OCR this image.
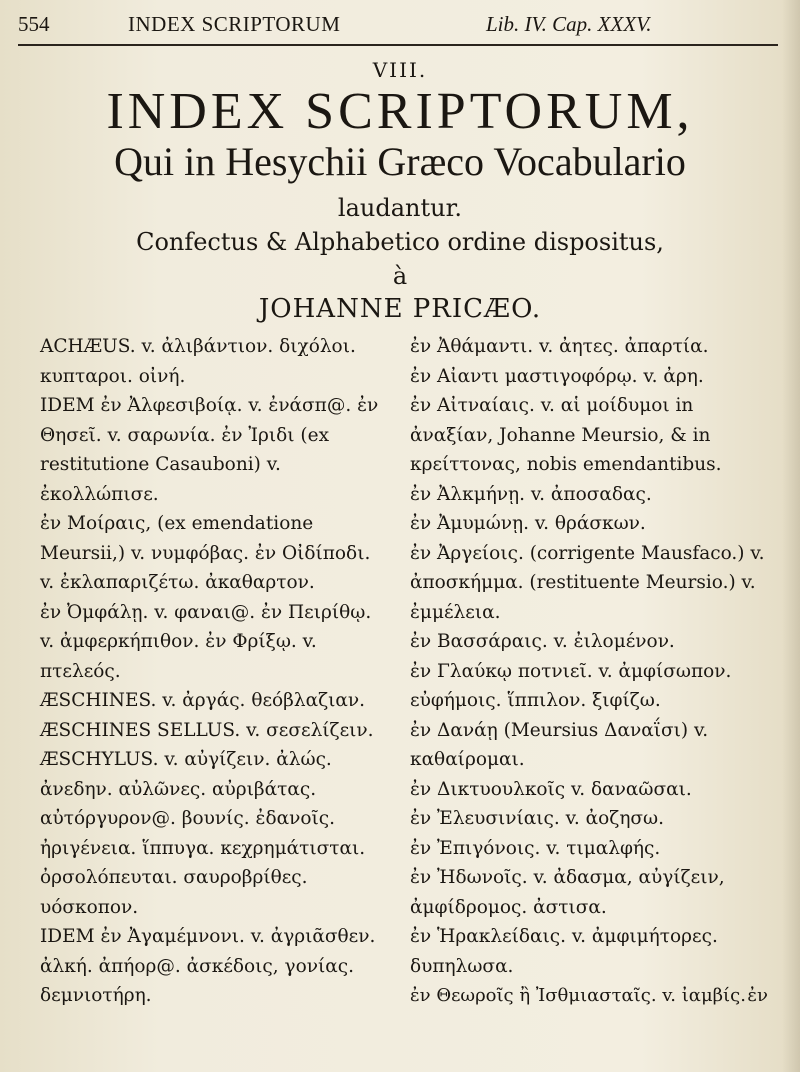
554	INDEX SCRIPTORUM	Lib. IV. Cap. XXXV.
VIII.
INDEX SCRIPTORUM,
Qui in Hesychii Græco Vocabulario
laudantur.
Confectus & Alphabetico ordine dispositus,
à
JOHANNE PRICÆO.

ACHÆUS. v. ἀλιβάντιον. διχόλοι. κυπταροι. οἰνή.

IDEM ἐν Ἀλφεσιβοίᾳ. v. ἐνάσπ@. ἐν Θησεῖ. v. σαρωνία. ἐν Ἰριδι (ex restitutione Casauboni) v. ἐκολλώπισε.

ἐν Μοίραις, (ex emendatione Meursii,) v. νυμφόβας. ἐν Οἰδίποδι. v. ἐκλαπαριζέτω. ἀκαθαρτον.

ἐν Ὀμφάλῃ. v. φαναι@. ἐν Πειρίθῳ. v. ἀμφερκήπιθον. ἐν Φρίξῳ. v. πτελεός.

ÆSCHINES. v. ἀργάς. θεόβλαζιαν.

ÆSCHINES SELLUS. v. σεσελίζειν.

ÆSCHYLUS. v. αὐγίζειν. ἀλώς. ἀνεδην. αὐλῶνες. αὐριβάτας. αὐτόργυρον@. βουνίς. ἐδανοῖς. ἠριγένεια. ἵππυγα. κεχρημάτισται. ὀρσολόπευται. σαυροβρίθες. υόσκοπον.

IDEM ἐν Ἀγαμέμνονι. v. ἀγριᾶσθεν. ἀλκή. ἀπήορ@. ἀσκέδοις, γονίας. δεμνιοτήρη.

ἐν Ἀθάμαντι. v. ἀητες. ἀπαρτία.

ἐν Αἰαντι μαστιγοφόρῳ. v. ἀρη.

ἐν Αἰτναίαις. v. αἱ μοίδυμοι in ἀναξίαν, Johanne Meursio, & in κρείττονας, nobis emendantibus.

ἐν Ἀλκμήνῃ. v. ἀποσαδας.

ἐν Ἀμυμώνῃ. v. θράσκων.

ἐν Ἀργείοις. (corrigente Mausfaco.) v. ἀποσκήμμα. (restituente Meursio.) v. ἐμμέλεια.

ἐν Βασσάραις. v. ἐιλομένον.

ἐν Γλαύκῳ ποτνιεῖ. v. ἀμφίσωπον. εὐφήμοις. ἵππιλον. ξιφίζω.

ἐν Δανάῃ (Meursius Δαναΐσι) v. καθαίρομαι.

ἐν Δικτυουλκοῖς v. δαναῶσαι.

ἐν Ἐλευσινίαις. v. ἀοζησω.

ἐν Ἐπιγόνοις. v. τιμαλφής.

ἐν Ἠδωνοῖς. v. ἀδασμα, αὐγίζειν, ἀμφίδρομος. ἀστισα.

ἐν Ἡρακλείδαις. v. ἀμφιμήτορες. δυπηλωσα.

ἐν Θεωροῖς ἢ Ἰσθμιασταῖς. v. ἰαμβίς. ἐν
